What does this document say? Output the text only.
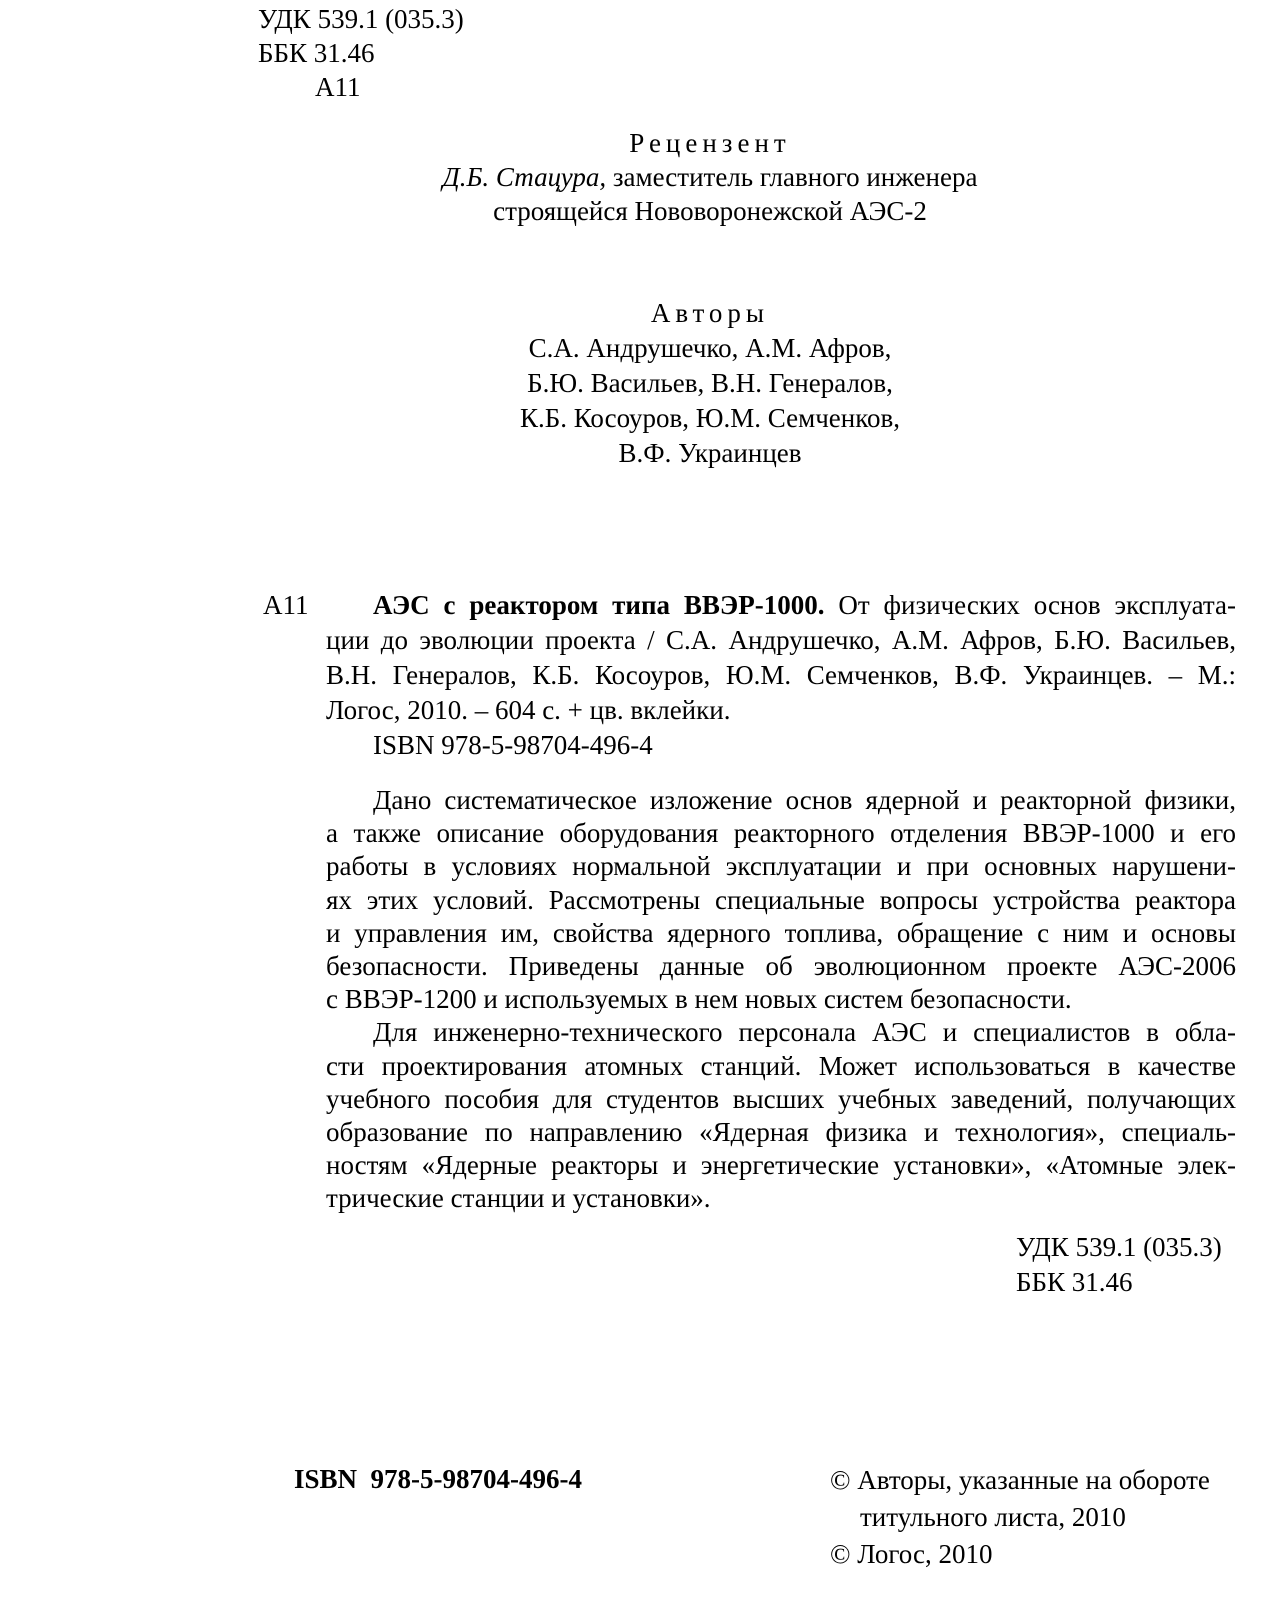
УДК 539.1 (035.3)
ББК 31.46
А11
Рецензент
Д.Б. Стацура, заместитель главного инженера
строящейся Нововоронежской АЭС-2
Авторы
С.А. Андрушечко, А.М. Афров,
Б.Ю. Васильев, В.Н. Генералов,
К.Б. Косоуров, Ю.М. Семченков,
В.Ф. Украинцев
А11	АЭС с реактором типа ВВЭР-1000. От физических основ эксплуата-
ции до эволюции проекта / С.А. Андрушечко, А.М. Афров, Б.Ю. Васильев,
В.Н. Генералов, К.Б. Косоуров, Ю.М. Семченков, В.Ф. Украинцев. – М.:
Логос, 2010. – 604 с. + цв. вклейки.
ISBN 978-5-98704-496-4
Дано систематическое изложение основ ядерной и реакторной физики,
а также описание оборудования реакторного отделения ВВЭР-1000 и его
работы в условиях нормальной эксплуатации и при основных нарушени-
ях этих условий. Рассмотрены специальные вопросы устройства реактора
и управления им, свойства ядерного топлива, обращение с ним и основы
безопасности. Приведены данные об эволюционном проекте АЭС-2006
с ВВЭР-1200 и используемых в нем новых систем безопасности.
Для инженерно-технического персонала АЭС и специалистов в обла-
сти проектирования атомных станций. Может использоваться в качестве
учебного пособия для студентов высших учебных заведений, получающих
образование по направлению «Ядерная физика и технология», специаль-
ностям «Ядерные реакторы и энергетические установки», «Атомные элек-
трические станции и установки».
УДК 539.1 (035.3)
ББК 31.46
ISBN  978-5-98704-496-4	© Авторы, указанные на обороте
титульного листа, 2010
© Логос, 2010
